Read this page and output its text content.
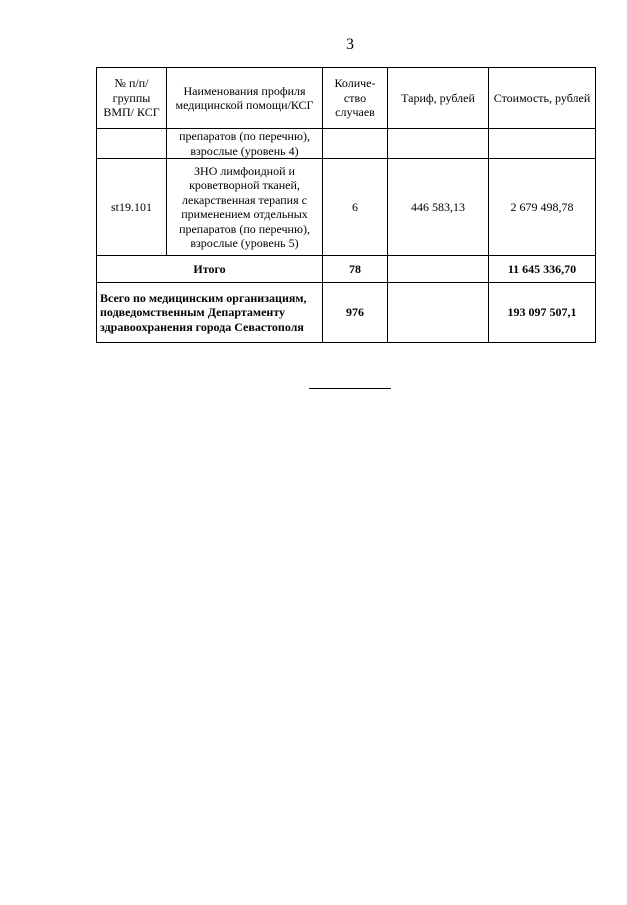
3
№ п/п/ группы ВМП/ КСГ	Наименования профиля медицинской помощи/КСГ	Количе-ство случаев	Тариф, рублей	Стоимость, рублей
	препаратов (по перечню), взрослые (уровень 4)			
st19.101	ЗНО лимфоидной и кроветворной тканей, лекарственная терапия с применением отдельных препаратов (по перечню), взрослые (уровень 5)	6	446 583,13	2 679 498,78
Итого		78		11 645 336,70
Всего по медицинским организациям, подведомственным Департаменту здравоохранения города Севастополя		976		193 097 507,1
